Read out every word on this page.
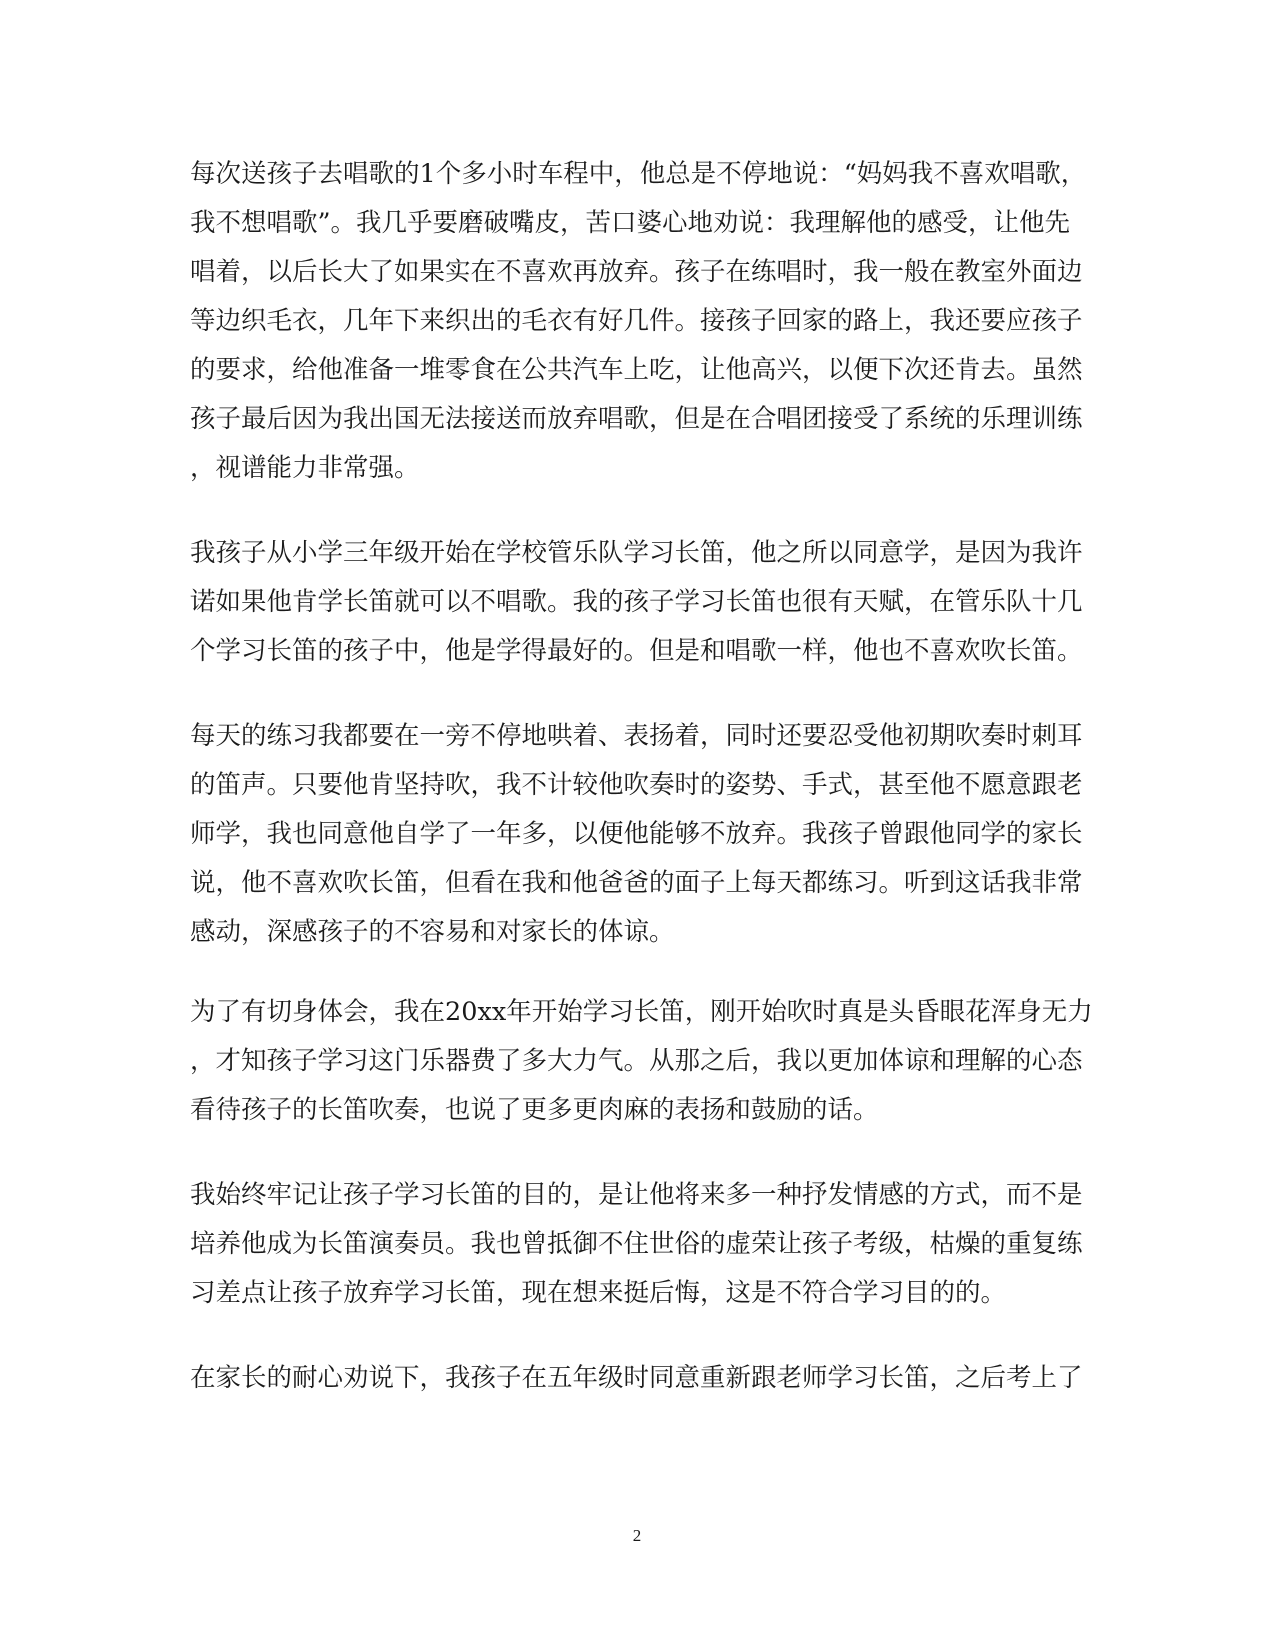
每次送孩子去唱歌的1个多小时车程中，他总是不停地说：“妈妈我不喜欢唱歌，
我不想唱歌”。我几乎要磨破嘴皮，苦口婆心地劝说：我理解他的感受，让他先
唱着，以后长大了如果实在不喜欢再放弃。孩子在练唱时，我一般在教室外面边
等边织毛衣，几年下来织出的毛衣有好几件。接孩子回家的路上，我还要应孩子
的要求，给他准备一堆零食在公共汽车上吃，让他高兴，以便下次还肯去。虽然
孩子最后因为我出国无法接送而放弃唱歌，但是在合唱团接受了系统的乐理训练
，视谱能力非常强。
我孩子从小学三年级开始在学校管乐队学习长笛，他之所以同意学，是因为我许
诺如果他肯学长笛就可以不唱歌。我的孩子学习长笛也很有天赋，在管乐队十几
个学习长笛的孩子中，他是学得最好的。但是和唱歌一样，他也不喜欢吹长笛。
每天的练习我都要在一旁不停地哄着、表扬着，同时还要忍受他初期吹奏时刺耳
的笛声。只要他肯坚持吹，我不计较他吹奏时的姿势、手式，甚至他不愿意跟老
师学，我也同意他自学了一年多，以便他能够不放弃。我孩子曾跟他同学的家长
说，他不喜欢吹长笛，但看在我和他爸爸的面子上每天都练习。听到这话我非常
感动，深感孩子的不容易和对家长的体谅。
为了有切身体会，我在20xx年开始学习长笛，刚开始吹时真是头昏眼花浑身无力
，才知孩子学习这门乐器费了多大力气。从那之后，我以更加体谅和理解的心态
看待孩子的长笛吹奏，也说了更多更肉麻的表扬和鼓励的话。
我始终牢记让孩子学习长笛的目的，是让他将来多一种抒发情感的方式，而不是
培养他成为长笛演奏员。我也曾抵御不住世俗的虚荣让孩子考级，枯燥的重复练
习差点让孩子放弃学习长笛，现在想来挺后悔，这是不符合学习目的的。
在家长的耐心劝说下，我孩子在五年级时同意重新跟老师学习长笛，之后考上了
2
